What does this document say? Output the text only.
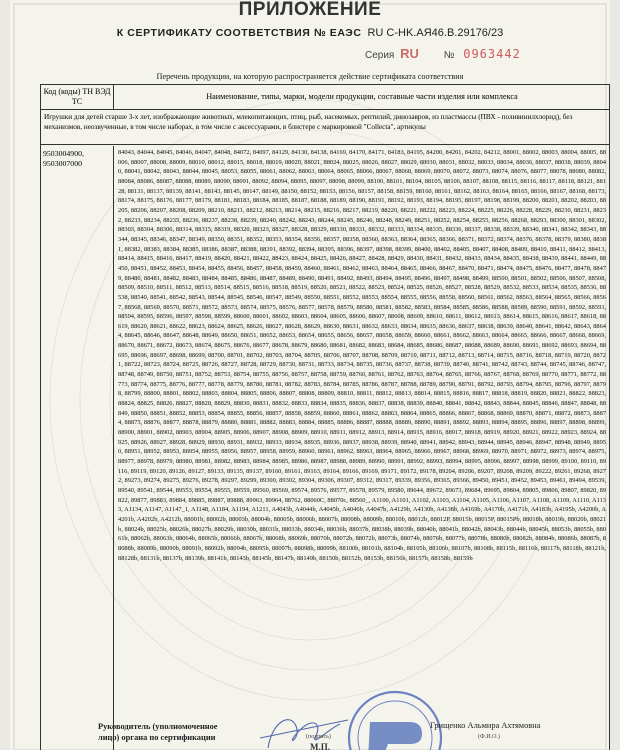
ПРИЛОЖЕНИЕ
К СЕРТИФИКАТУ СООТВЕТСТВИЯ № ЕАЭС RU C-HK.АЯ46.B.29176/23
Серия RU № 0963442
Перечень продукции, на которую распространяется действие сертификата соответствия
Код (коды) ТН ВЭД ТС	Наименование, типы, марки, модели продукции, составные части изделия или комплекса
Игрушки для детей старше 3-х лет, изображающие животных, млекопитающих, птиц, рыб, насекомых, рептилий, динозавров, из пластмассы (ПВХ - поливинилхлорид), без механизмов, неозвученные, в том числе наборах, в том числе с аксессуарами, в блистере с маркировкой "Collecta", артикулы
9503004900, 9503007000
84043, 84044, 84045, 84046, 84047, 84048, 84072, 84097, 84129, 84130, 84138, 84169, 84170, 84171, 84183, 84195, 84200, 84201, 84202, 84212, 88001, 88002, 88003, 88004, 88005, 88006, 88007, 88008, 88009, 88010, 88012, 88015, 88018, 88019, 88020, 88021, 88024, 88025, 88026, 88027, 88029, 88030, 88031, 88032, 88033, 88034, 88036, 88037, 88038, 88039, 88040, 88041, 88042, 88043, 88044, 88045, 88053, 88055, 88061, 88062, 88063, 88064, 88065, 88066, 88067, 88068, 88069, 88070, 88072, 88073, 88074, 88076, 88077, 88078, 88080, 88082, 88084, 88086, 88087, 88088, 88089, 88090, 88091, 88092, 88094, 88095, 88097, 88098, 88099, 88100, 88101, 88104, 88105, 88106, 88107, 88108, 88115, 88116, 88117, 88118, 88121, 88128, 88131, 88137, 88139, 88141, 88143, 88145, 88147, 88149, 88150, 88152, 88153, 88156, 88157, 88158, 88159, 88160, 88161, 88162, 88163, 88164, 88165, 88166, 88167, 88168, 88173, 88174, 88175, 88176, 88177, 88179, 88181, 88183, 88184, 88185, 88187, 88188, 88189, 88190, 88191, 88192, 88193, 88194, 88195, 88197, 88198, 88199, 88200, 88201, 88202, 88203, 88205, 88206, 88207, 88208, 88209, 88210, 88211, 88212, 88213, 88214, 88215, 88216, 88217, 88219, 88220, 88221, 88222, 88223, 88224, 88225, 88226, 88228, 88229, 88230, 88231, 88232, 88233, 88234, 88235, 88236, 88237, 88238, 88239, 88240, 88242, 88243, 88244, 88245, 88246, 88248, 88249, 88251, 88252, 88254, 88255, 88256, 88268, 88293, 88300, 88301, 88302, 88303, 88304, 88306, 88314, 88315, 88319, 88320, 88323, 88327, 88328, 88329, 88330, 88331, 88332, 88333, 88334, 88335, 88336, 88337, 88338, 88339, 88340, 88341, 88342, 88343, 88344, 88345, 88346, 88347, 88349, 88350, 88351, 88352, 88353, 88354, 88356, 88357, 88358, 88360, 88363, 88364, 88365, 88366, 88371, 88372, 88374, 88376, 88378, 88379, 88380, 88381, 88382, 88383, 88384, 88385, 88386, 88387, 88388, 88391, 88392, 88394, 88395, 88396, 88397, 88398, 88399, 88400, 88402, 88405, 88407, 88408, 88409, 88410, 88411, 88412, 88413, 88414, 88415, 88416, 88417, 88419, 88420, 88421, 88422, 88423, 88424, 88425, 88426, 88427, 88428, 88429, 88430, 88431, 88432, 88433, 88434, 88435, 88438, 88439, 88441, 88449, 88450, 88451, 88452, 88453, 88454, 88455, 88456, 88457, 88458, 88459, 88460, 88461, 88462, 88463, 88464, 88465, 88466, 88467, 88470, 88471, 88474, 88475, 88476, 88477, 88478, 88479, 88480, 88481, 88482, 88483, 88484, 88485, 88486, 88487, 88489, 88490, 88491, 88492, 88493, 88494, 88495, 88496, 88497, 88498, 88499, 88500, 88501, 88502, 88506, 88507, 88508, 88509, 88510, 88511, 88512, 88513, 88514, 88515, 88516, 88518, 88519, 88520, 88521, 88522, 88523, 88524, 88525, 88526, 88527, 88528, 88529, 88532, 88533, 88534, 88535, 88536, 88538, 88540, 88541, 88542, 88543, 88544, 88545, 88546, 88547, 88549, 88550, 88551, 88552, 88553, 88554, 88555, 88556, 88558, 88560, 88561, 88562, 88563, 88564, 88565, 88566, 88567, 88568, 88569, 88570, 88571, 88572, 88573, 88574, 88575, 88576, 88577, 88578, 88579, 88580, 88581, 88582, 88583, 88584, 88585, 88586, 88588, 88589, 88590, 88591, 88592, 88593, 88594, 88595, 88596, 88597, 88598, 88599, 88600, 88601, 88602, 88603, 88604, 88605, 88606, 88607, 88608, 88609, 88610, 88611, 88612, 88613, 88614, 88615, 88616, 88617, 88618, 88619, 88620, 88621, 88622, 88623, 88624, 88625, 88626, 88627, 88628, 88629, 88630, 88631, 88632, 88633, 88634, 88635, 88636, 88637, 88638, 88639, 88640, 88641, 88642, 88643, 88644, 88645, 88646, 88647, 88648, 88649, 88650, 88651, 88652, 88653, 88654, 88655, 88656, 88657, 88658, 88659, 88660, 88661, 88662, 88663, 88664, 88665, 88666, 88667, 88668, 88669, 88670, 88671, 88672, 88673, 88674, 88675, 88676, 88677, 88678, 88679, 88680, 88681, 88682, 88683, 88684, 88685, 88686, 88687, 88688, 88689, 88690, 88691, 88692, 88693, 88694, 88695, 88696, 88697, 88698, 88699, 88700, 88701, 88702, 88703, 88704, 88705, 88706, 88707, 88708, 88709, 88710, 88711, 88712, 88713, 88714, 88715, 88716, 88718, 88719, 88720, 88721, 88722, 88723, 88724, 88725, 88726, 88727, 88728, 88729, 88730, 88731, 88733, 88734, 88735, 88736, 88737, 88738, 88739, 88740, 88741, 88742, 88743, 88744, 88745, 88746, 88747, 88748, 88749, 88750, 88751, 88752, 88753, 88754, 88755, 88756, 88757, 88758, 88759, 88760, 88761, 88762, 88763, 88764, 88765, 88766, 88767, 88768, 88769, 88770, 88771, 88772, 88773, 88774, 88775, 88776, 88777, 88778, 88779, 88780, 88781, 88782, 88783, 88784, 88785, 88786, 88787, 88788, 88789, 88790, 88791, 88792, 88793, 88794, 88795, 88796, 88797, 88798, 88799, 88800, 88801, 88802, 88803, 88804, 88805, 88806, 88807, 88808, 88809, 88810, 88811, 88812, 88813, 88814, 88815, 88816, 88817, 88818, 88819, 88820, 88821, 88822, 88823, 88824, 88825, 88826, 88827, 88828, 88829, 88830, 88831, 88832, 88833, 88834, 88835, 88836, 88837, 88838, 88839, 88840, 88841, 88842, 88843, 88844, 88845, 88846, 88847, 88848, 88849, 88850, 88851, 88852, 88853, 88854, 88855, 88856, 88857, 88858, 88859, 88860, 88861, 88862, 88863, 88864, 88865, 88866, 88867, 88868, 88869, 88870, 88871, 88872, 88873, 88874, 88875, 88876, 88877, 88878, 88879, 88880, 88881, 88882, 88883, 88884, 88885, 88886, 88887, 88888, 88889, 88890, 88891, 88892, 88893, 88894, 88895, 88896, 88897, 88898, 88899, 88900, 88901, 88902, 88903, 88904, 88905, 88906, 88907, 88908, 88909, 88910, 88911, 88912, 88913, 88914, 88915, 88916, 88917, 88918, 88919, 88920, 88921, 88922, 88923, 88924, 88925, 88926, 88927, 88928, 88929, 88930, 88931, 88932, 88933, 88934, 88935, 88936, 88937, 88938, 88939, 88940, 88941, 88942, 88943, 88944, 88945, 88946, 88947, 88948, 88949, 88950, 88951, 88952, 88953, 88954, 88955, 88956, 88957, 88958, 88959, 88960, 88961, 88962, 88963, 88964, 88965, 88966, 88967, 88968, 88969, 88970, 88971, 88972, 88973, 88974, 88975, 88977, 88978, 88979, 88980, 88981, 88982, 88983, 88984, 88985, 88986, 88987, 88988, 88989, 88990, 88991, 88992, 88993, 88994, 88995, 88996, 88997, 88998, 88999, 89100, 89110, 89116, 89119, 89120, 89126, 89127, 89133, 89135, 89137, 89160, 89161, 89163, 89164, 89166, 89169, 89171, 89172, 89178, 89204, 89206, 89207, 89208, 89209, 89222, 89261, 89268, 89272, 89273, 89274, 89275, 89276, 89278, 89297, 89299, 89300, 89302, 89304, 89306, 89307, 89312, 89317, 89339, 89356, 89365, 89366, 89450, 89451, 89452, 89453, 89461, 89494, 89539, 89540, 89541, 89544, 89553, 89554, 89555, 89559, 89560, 89569, 89574, 89576, 89577, 89578, 89579, 89580, 89644, 89672, 89673, 89684, 89695, 89804, 89805, 89806, 89807, 89820, 89822, 89877, 89883, 89884, 89885, 89887, 89888, 89963, 89964, 88762, 88060C, 88070c, 88560_, A1100, A1101, A1102, A1103, A1104, A1105, A1106, A1107, A1108, A1109, A1110, A1133, A1134, A1147, A1147_1, A1148, A1184, A1194, A1211, A4043b, A4044b, A4045b, A4046b, A4047b, A4129b, A4130b, A4138b, A4169b, A4170b, A4171b, A4183b, A4195b, A4200b, A4201b, A4202b, A4212b, 88001b, 88002b, 88003b, 88004b, 88005b, 88006b, 88007b, 88008b, 88009b, 88010b, 88012b, 88012P, 88015b, 88015P, 88015Pb, 88018b, 88019b, 88020b, 88021b, 88024b, 88025b, 88026b, 88027b, 88029b, 88030b, 88031b, 88033b, 88034b, 88036b, 88037b, 88038b, 88039b, 88040b, 88041b, 88042b, 88043b, 88044b, 88045b, 88053b, 88055b, 88061b, 88062b, 88063b, 88064b, 88065b, 88066b, 88067b, 88068b, 88069b, 88070b, 88072b, 88072b, 88073b, 88074b, 88076b, 88077b, 88078b, 88080b, 88082b, 88084b, 88086b, 88087b, 88088b, 88089b, 88090b, 88091b, 88092b, 88094b, 88095b, 88097b, 88098b, 88099b, 88100b, 88101b, 88104b, 88105b, 88106b, 88107b, 88108b, 88115b, 88116b, 88117b, 88118b, 88121b, 88128b, 88131b, 88137b, 88139b, 88141b, 88143b, 88145b, 88147b, 88149b, 88150b, 88152b, 88153b, 88156b, 88157b, 88158b, 88159b
Руководитель (уполномоченное
лицо) органа по сертификации	(подпись)
М.П.
Грищенко Альмира Ахтямовна
(Ф.И.О.)
